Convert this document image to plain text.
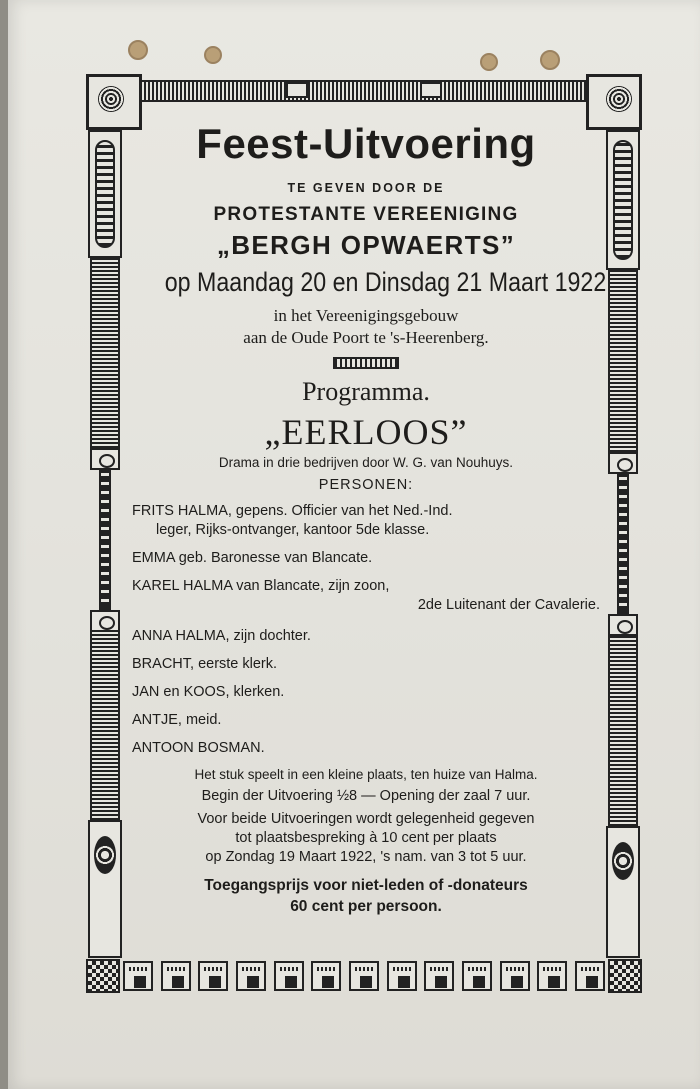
Feest-Uitvoering
TE GEVEN DOOR DE
PROTESTANTE VEREENIGING
„BERGH OPWAERTS”
op Maandag 20 en Dinsdag 21 Maart 1922
in het Vereenigingsgebouw
aan de Oude Poort te 's-Heerenberg.
Programma.
„EERLOOS”
Drama in drie bedrijven door W. G. van Nouhuys.
PERSONEN:
FRITS HALMA, gepens. Officier van het Ned.-Ind.
leger, Rijks-ontvanger, kantoor 5de klasse.
EMMA geb. Baronesse van Blancate.
KAREL HALMA van Blancate, zijn zoon,
2de Luitenant der Cavalerie.
ANNA HALMA, zijn dochter.
BRACHT, eerste klerk.
JAN en KOOS, klerken.
ANTJE, meid.
ANTOON BOSMAN.
Het stuk speelt in een kleine plaats, ten huize van Halma.
Begin der Uitvoering ½8 — Opening der zaal 7 uur.
Voor beide Uitvoeringen wordt gelegenheid gegeven
tot plaatsbespreking à 10 cent per plaats
op Zondag 19 Maart 1922, 's nam. van 3 tot 5 uur.
Toegangsprijs voor niet-leden of -donateurs
60 cent per persoon.
